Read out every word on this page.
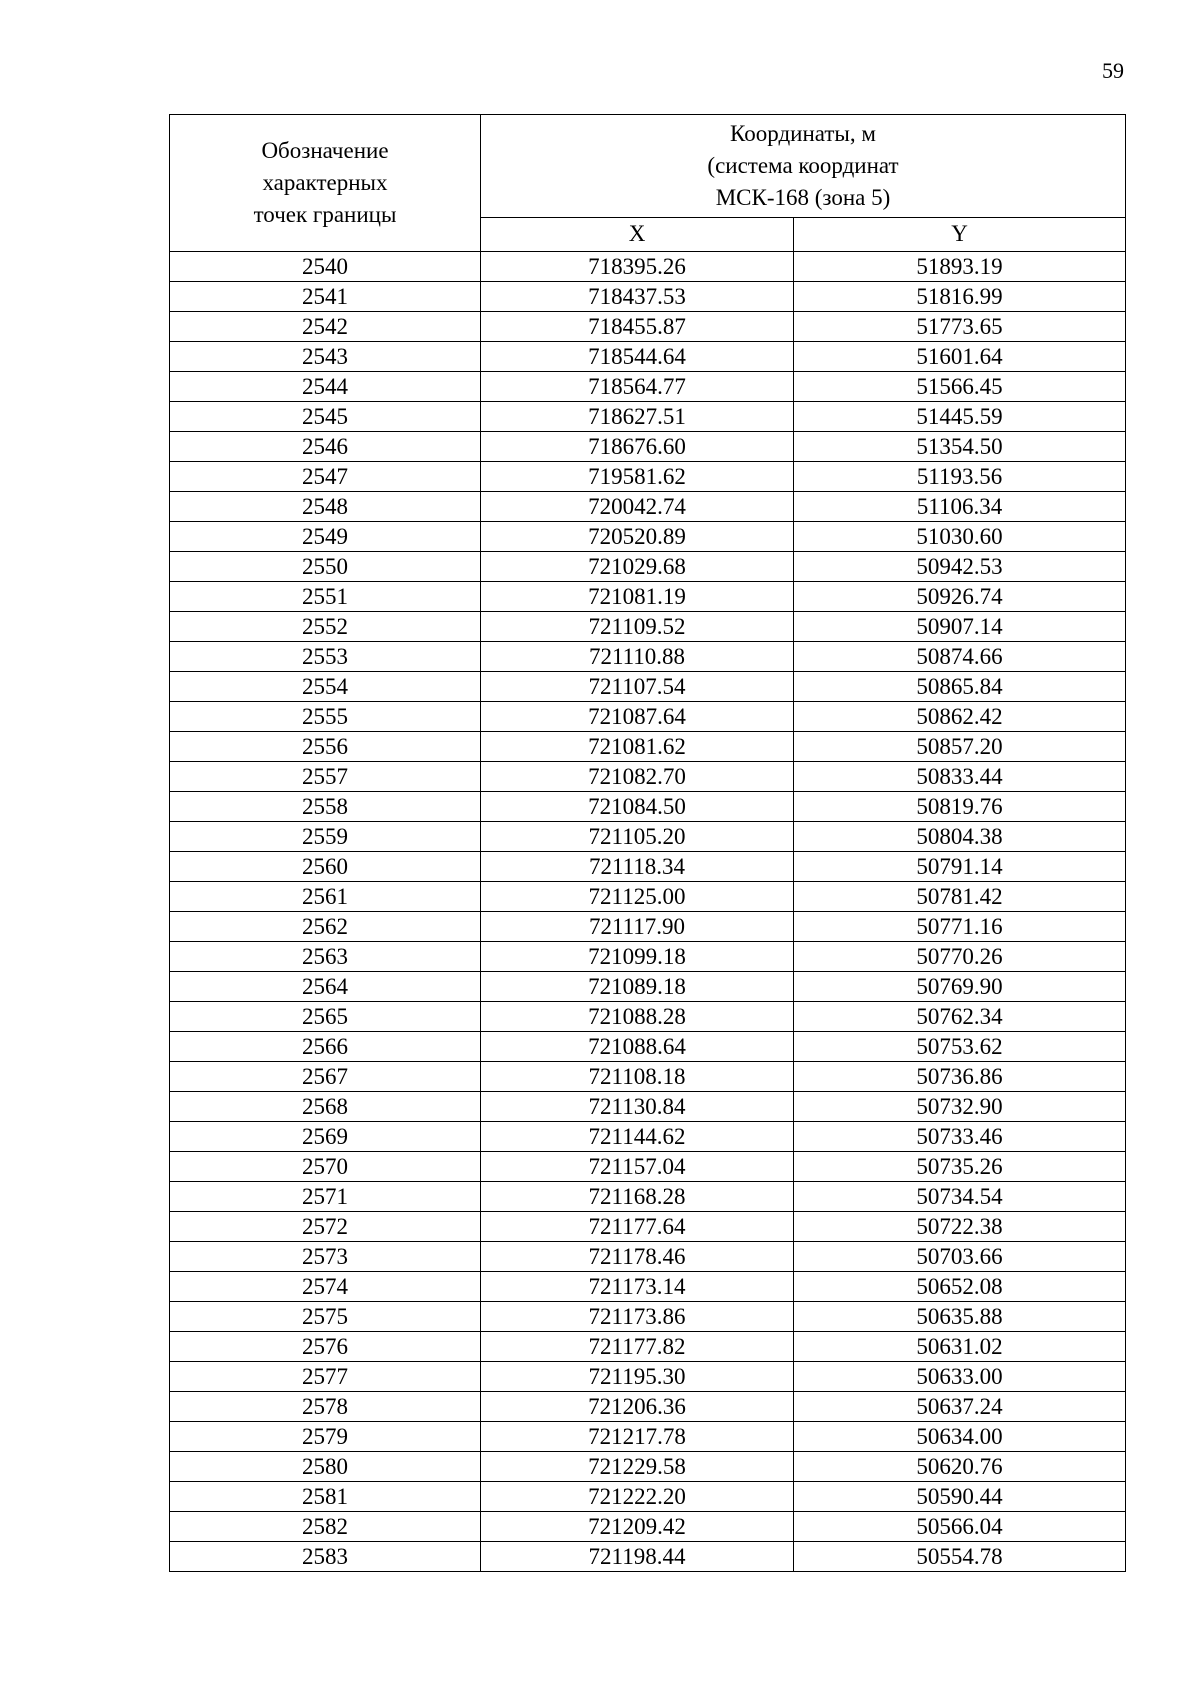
59
Обозначение
характерных
точек границы	Координаты, м
(система координат
МСК-168 (зона 5)	
	X	Y
2540	718395.26	51893.19
2541	718437.53	51816.99
2542	718455.87	51773.65
2543	718544.64	51601.64
2544	718564.77	51566.45
2545	718627.51	51445.59
2546	718676.60	51354.50
2547	719581.62	51193.56
2548	720042.74	51106.34
2549	720520.89	51030.60
2550	721029.68	50942.53
2551	721081.19	50926.74
2552	721109.52	50907.14
2553	721110.88	50874.66
2554	721107.54	50865.84
2555	721087.64	50862.42
2556	721081.62	50857.20
2557	721082.70	50833.44
2558	721084.50	50819.76
2559	721105.20	50804.38
2560	721118.34	50791.14
2561	721125.00	50781.42
2562	721117.90	50771.16
2563	721099.18	50770.26
2564	721089.18	50769.90
2565	721088.28	50762.34
2566	721088.64	50753.62
2567	721108.18	50736.86
2568	721130.84	50732.90
2569	721144.62	50733.46
2570	721157.04	50735.26
2571	721168.28	50734.54
2572	721177.64	50722.38
2573	721178.46	50703.66
2574	721173.14	50652.08
2575	721173.86	50635.88
2576	721177.82	50631.02
2577	721195.30	50633.00
2578	721206.36	50637.24
2579	721217.78	50634.00
2580	721229.58	50620.76
2581	721222.20	50590.44
2582	721209.42	50566.04
2583	721198.44	50554.78
